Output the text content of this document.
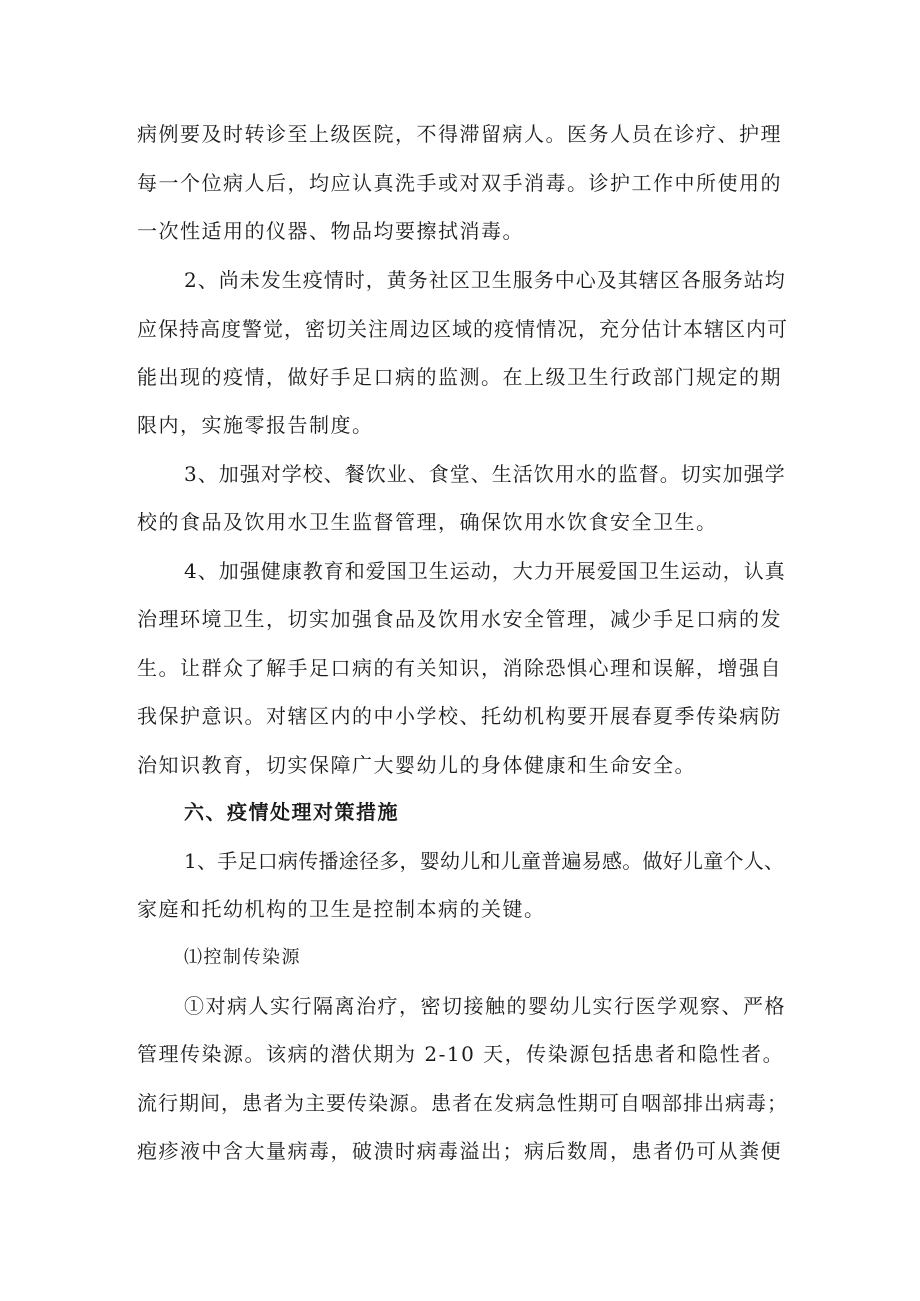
病例要及时转诊至上级医院，不得滞留病人。医务人员在诊疗、护理
每一个位病人后，均应认真洗手或对双手消毒。诊护工作中所使用的
一次性适用的仪器、物品均要擦拭消毒。
2、尚未发生疫情时，黄务社区卫生服务中心及其辖区各服务站均
应保持高度警觉，密切关注周边区域的疫情情况，充分估计本辖区内可
能出现的疫情，做好手足口病的监测。在上级卫生行政部门规定的期
限内，实施零报告制度。
3、加强对学校、餐饮业、食堂、生活饮用水的监督。切实加强学
校的食品及饮用水卫生监督管理，确保饮用水饮食安全卫生。
4、加强健康教育和爱国卫生运动，大力开展爱国卫生运动，认真
治理环境卫生，切实加强食品及饮用水安全管理，减少手足口病的发
生。让群众了解手足口病的有关知识，消除恐惧心理和误解，增强自
我保护意识。对辖区内的中小学校、托幼机构要开展春夏季传染病防
治知识教育，切实保障广大婴幼儿的身体健康和生命安全。
六、疫情处理对策措施
1、手足口病传播途径多，婴幼儿和儿童普遍易感。做好儿童个人、
家庭和托幼机构的卫生是控制本病的关键。
⑴控制传染源
①对病人实行隔离治疗，密切接触的婴幼儿实行医学观察、严格
管理传染源。该病的潜伏期为 2-10 天，传染源包括患者和隐性者。
流行期间，患者为主要传染源。患者在发病急性期可自咽部排出病毒；
疱疹液中含大量病毒，破溃时病毒溢出；病后数周，患者仍可从粪便
